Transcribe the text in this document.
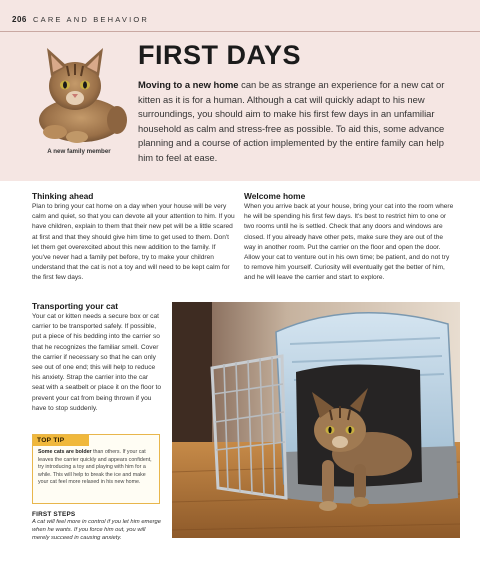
206 CARE AND BEHAVIOR
A new family member
FIRST DAYS

Moving to a new home can be as strange an experience for a new cat or kitten as it is for a human. Although a cat will quickly adapt to his new surroundings, you should aim to make his first few days in an unfamiliar household as calm and stress-free as possible. To aid this, some advance planning and a course of action implemented by the entire family can help him to feel at ease.

Thinking ahead

Plan to bring your cat home on a day when your house will be very calm and quiet, so that you can devote all your attention to him. If you have children, explain to them that their new pet will be a little scared at first and that they should give him time to get used to them. Don't let them get overexcited about this new addition to the family. If you've never had a family pet before, try to make your children understand that the cat is not a toy and will need to be kept calm for the first few days.

Welcome home

When you arrive back at your house, bring your cat into the room where he will be spending his first few days. It's best to restrict him to one or two rooms until he is settled. Check that any doors and windows are closed. If you already have other pets, make sure they are out of the way in another room. Put the carrier on the floor and open the door. Allow your cat to venture out in his own time; be patient, and do not try to remove him yourself. Curiosity will eventually get the better of him, and he will leave the carrier and start to explore.

Transporting your cat

Your cat or kitten needs a secure box or cat carrier to be transported safely. If possible, put a piece of his bedding into the carrier so that he recognizes the familiar smell. Cover the carrier if necessary so that he can only see out of one end; this will help to reduce his anxiety. Strap the carrier into the car seat with a seatbelt or place it on the floor to prevent your cat from being thrown if you have to stop suddenly.

TOP TIP

Some cats are bolder than others. If your cat leaves the carrier quickly and appears confident, try introducing a toy and playing with him for a while. This will help to break the ice and make your cat feel more relaxed in his new home.

FIRST STEPS

A cat will feel more in control if you let him emerge when he wants. If you force him out, you will merely succeed in causing anxiety.
